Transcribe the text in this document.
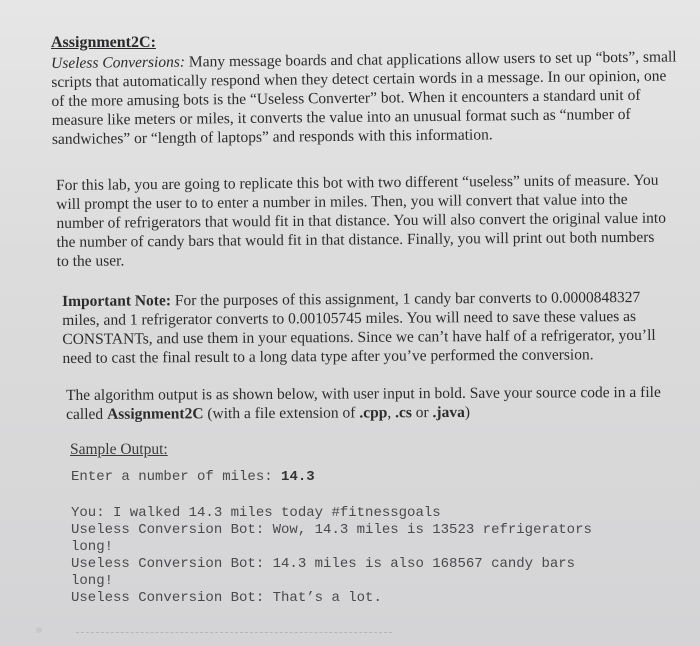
Assignment2C:
Useless Conversions: Many message boards and chat applications allow users to set up “bots”, small scripts that automatically respond when they detect certain words in a message. In our opinion, one of the more amusing bots is the “Useless Converter” bot. When it encounters a standard unit of measure like meters or miles, it converts the value into an unusual format such as “number of sandwiches” or “length of laptops” and responds with this information.
For this lab, you are going to replicate this bot with two different “useless” units of measure. You will prompt the user to to enter a number in miles. Then, you will convert that value into the number of refrigerators that would fit in that distance. You will also convert the original value into the number of candy bars that would fit in that distance. Finally, you will print out both numbers to the user.
Important Note: For the purposes of this assignment, 1 candy bar converts to 0.0000848327 miles, and 1 refrigerator converts to 0.00105745 miles. You will need to save these values as CONSTANTs, and use them in your equations. Since we can’t have half of a refrigerator, you’ll need to cast the final result to a long data type after you’ve performed the conversion.
The algorithm output is as shown below, with user input in bold. Save your source code in a file called Assignment2C (with a file extension of .cpp, .cs or .java)
Sample Output:
Enter a number of miles: 14.3
You: I walked 14.3 miles today #fitnessgoals
Useless Conversion Bot: Wow, 14.3 miles is 13523 refrigerators
long!
Useless Conversion Bot: 14.3 miles is also 168567 candy bars
long!
Useless Conversion Bot: That’s a lot.
